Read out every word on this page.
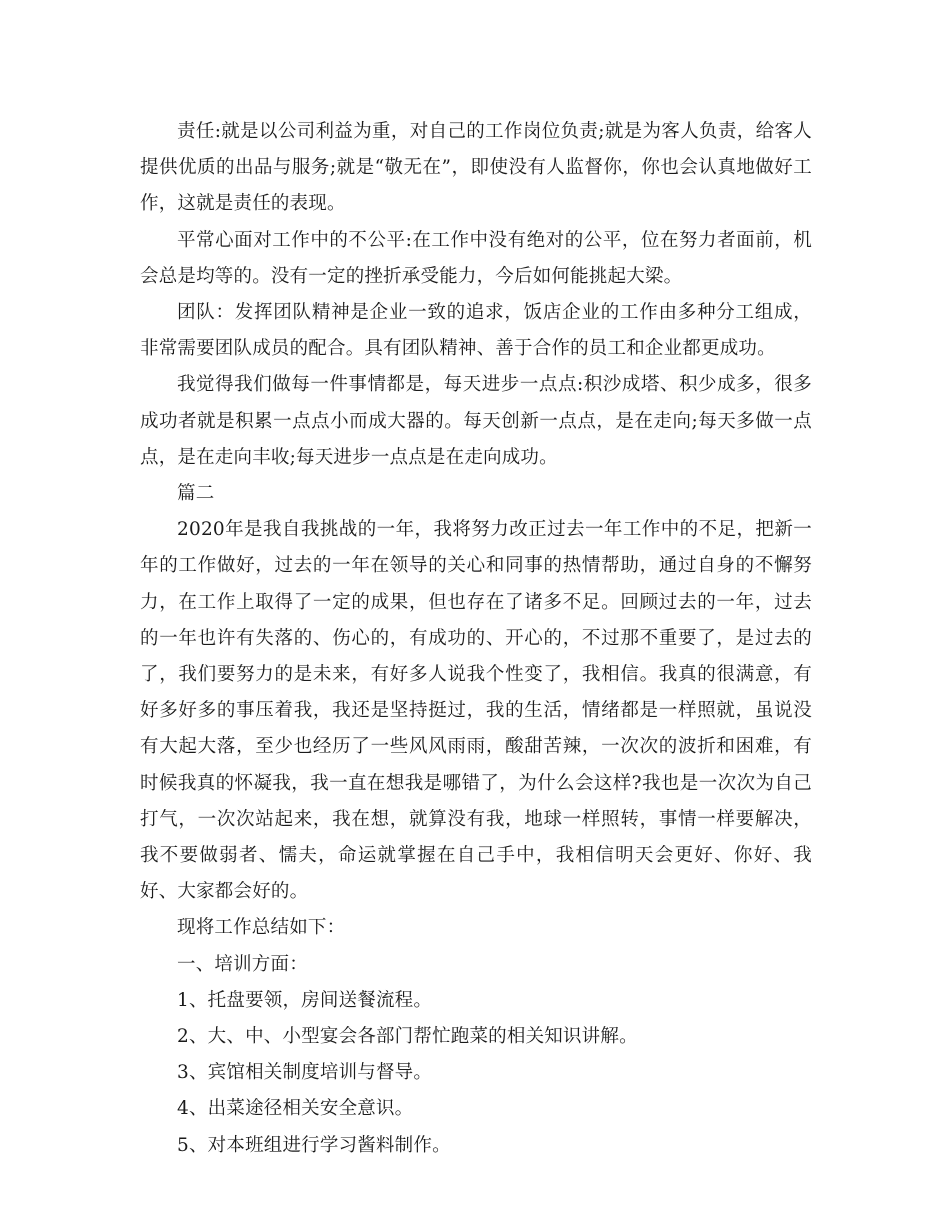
责任:就是以公司利益为重，对自己的工作岗位负责;就是为客人负责，给客人提供优质的出品与服务;就是“敬无在”，即使没有人监督你，你也会认真地做好工作，这就是责任的表现。

平常心面对工作中的不公平:在工作中没有绝对的公平，位在努力者面前，机会总是均等的。没有一定的挫折承受能力，今后如何能挑起大梁。

团队：发挥团队精神是企业一致的追求，饭店企业的工作由多种分工组成，非常需要团队成员的配合。具有团队精神、善于合作的员工和企业都更成功。

我觉得我们做每一件事情都是，每天进步一点点:积沙成塔、积少成多，很多成功者就是积累一点点小而成大器的。每天创新一点点，是在走向;每天多做一点点，是在走向丰收;每天进步一点点是在走向成功。

篇二

2020年是我自我挑战的一年，我将努力改正过去一年工作中的不足，把新一年的工作做好，过去的一年在领导的关心和同事的热情帮助，通过自身的不懈努力，在工作上取得了一定的成果，但也存在了诸多不足。回顾过去的一年，过去的一年也许有失落的、伤心的，有成功的、开心的，不过那不重要了，是过去的了，我们要努力的是未来，有好多人说我个性变了，我相信。我真的很满意，有好多好多的事压着我，我还是坚持挺过，我的生活，情绪都是一样照就，虽说没有大起大落，至少也经历了一些风风雨雨，酸甜苦辣，一次次的波折和困难，有时候我真的怀凝我，我一直在想我是哪错了，为什么会这样?我也是一次次为自己打气，一次次站起来，我在想，就算没有我，地球一样照转，事情一样要解决，我不要做弱者、懦夫，命运就掌握在自己手中，我相信明天会更好、你好、我好、大家都会好的。

现将工作总结如下：

一、培训方面：

1、托盘要领，房间送餐流程。

2、大、中、小型宴会各部门帮忙跑菜的相关知识讲解。

3、宾馆相关制度培训与督导。

4、出菜途径相关安全意识。

5、对本班组进行学习酱料制作。
